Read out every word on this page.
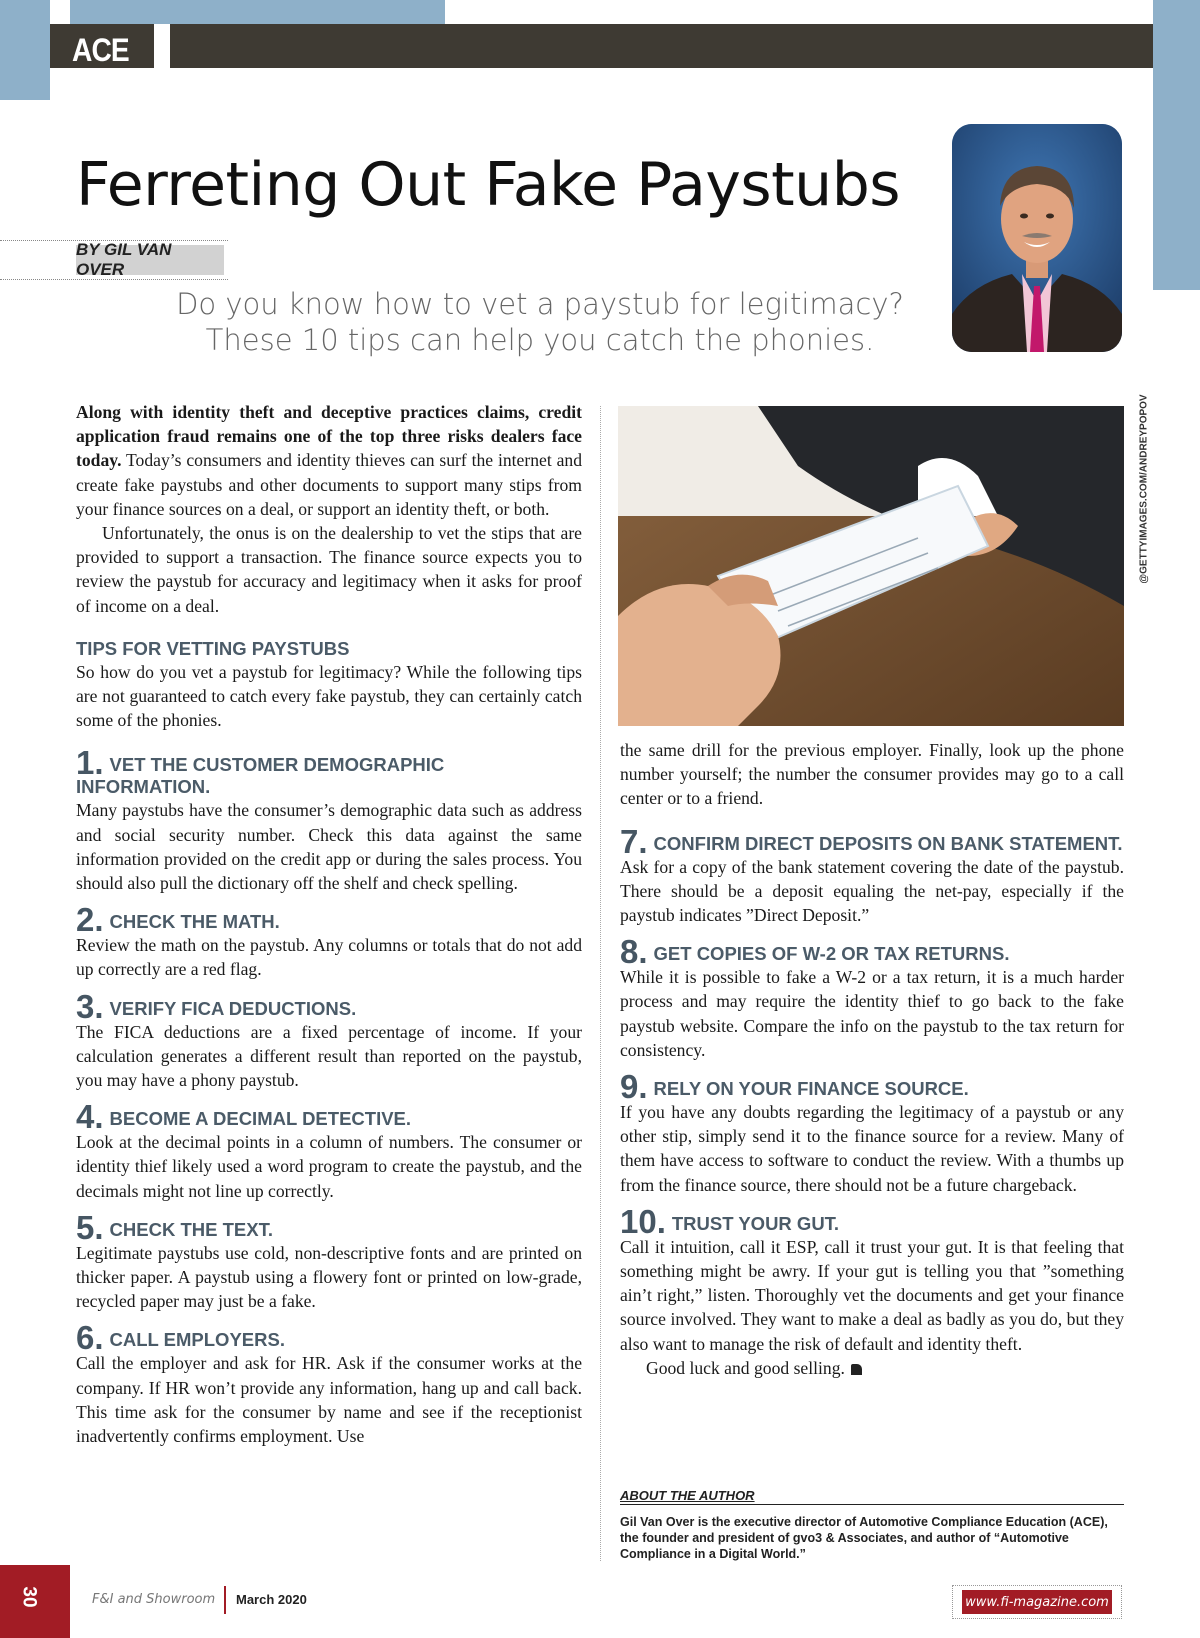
ACE
Ferreting Out Fake Paystubs
BY GIL VAN OVER
Do you know how to vet a paystub for legitimacy?
These 10 tips can help you catch the phonies.
@GETTYIMAGES.COM/ANDREYPOPOV

Along with identity theft and deceptive practices claims, credit application fraud remains one of the top three risks dealers face today. Today’s consumers and identity thieves can surf the internet and create fake paystubs and other documents to support many stips from your finance sources on a deal, or support an identity theft, or both.

Unfortunately, the onus is on the dealership to vet the stips that are provided to support a transaction. The finance source expects you to review the paystub for accuracy and legitimacy when it asks for proof of income on a deal.

TIPS FOR VETTING PAYSTUBS

So how do you vet a paystub for legitimacy? While the following tips are not guaranteed to catch every fake paystub, they can certainly catch some of the phonies.

1. VET THE CUSTOMER DEMOGRAPHIC INFORMATION.

Many paystubs have the consumer’s demographic data such as address and social security number. Check this data against the same information provided on the credit app or during the sales process. You should also pull the dictionary off the shelf and check spelling.

2. CHECK THE MATH.

Review the math on the paystub. Any columns or totals that do not add up correctly are a red flag.

3. VERIFY FICA DEDUCTIONS.

The FICA deductions are a fixed percentage of income. If your calculation generates a different result than reported on the paystub, you may have a phony paystub.

4. BECOME A DECIMAL DETECTIVE.

Look at the decimal points in a column of numbers. The consumer or identity thief likely used a word program to create the paystub, and the decimals might not line up correctly.

5. CHECK THE TEXT.

Legitimate paystubs use cold, non-descriptive fonts and are printed on thicker paper. A paystub using a flowery font or printed on low-grade, recycled paper may just be a fake.

6. CALL EMPLOYERS.

Call the employer and ask for HR. Ask if the consumer works at the company. If HR won’t provide any information, hang up and call back. This time ask for the consumer by name and see if the receptionist inadvertently confirms employment. Use

the same drill for the previous employer. Finally, look up the phone number yourself; the number the consumer provides may go to a call center or to a friend.

7. CONFIRM DIRECT DEPOSITS ON BANK STATEMENT.

Ask for a copy of the bank statement covering the date of the paystub. There should be a deposit equaling the net-pay, especially if the paystub indicates ”Direct Deposit.”

8. GET COPIES OF W-2 OR TAX RETURNS.

While it is possible to fake a W-2 or a tax return, it is a much harder process and may require the identity thief to go back to the fake paystub website. Compare the info on the paystub to the tax return for consistency.

9. RELY ON YOUR FINANCE SOURCE.

If you have any doubts regarding the legitimacy of a paystub or any other stip, simply send it to the finance source for a review. Many of them have access to software to conduct the review. With a thumbs up from the finance source, there should not be a future chargeback.

10. TRUST YOUR GUT.

Call it intuition, call it ESP, call it trust your gut. It is that feeling that something might be awry. If your gut is telling you that ”something ain’t right,” listen. Thoroughly vet the documents and get your finance source involved. They want to make a deal as badly as you do, but they also want to manage the risk of default and identity theft.

Good luck and good selling.

ABOUT THE AUTHOR
Gil Van Over is the executive director of Automotive Compliance Education (ACE), the founder and president of gvo3 & Associates, and author of “Automotive Compliance in a Digital World.”
30	F&I and Showroom March 2020	www.fi-magazine.com
